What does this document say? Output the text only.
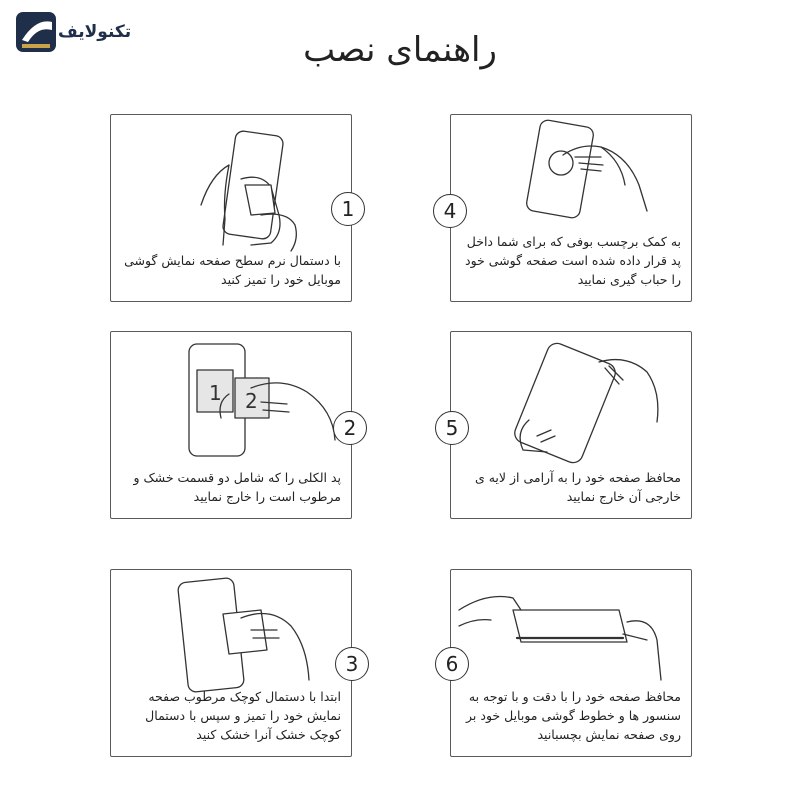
تکنولایف	راهنمای نصب
با دستمال نرم سطح صفحه نمایش گوشی موبایل خود را تمیز کنید
1
به کمک برچسب بوفی که برای شما داخل پد قرار داده شده است صفحه گوشی خود را حباب گیری نمایید
4
1 2
پد الکلی را که شامل دو قسمت خشک و مرطوب است را خارج نمایید
2
محافظ صفحه خود را به آرامی از لایه ی خارجی آن خارج نمایید
5
ابتدا با دستمال کوچک مرطوب صفحه نمایش خود را تمیز و سپس با دستمال کوچک خشک آنرا خشک کنید
3
محافظ صفحه خود را با دقت و با توجه به سنسور ها و خطوط گوشی موبایل خود بر روی صفحه نمایش بچسبانید
6
